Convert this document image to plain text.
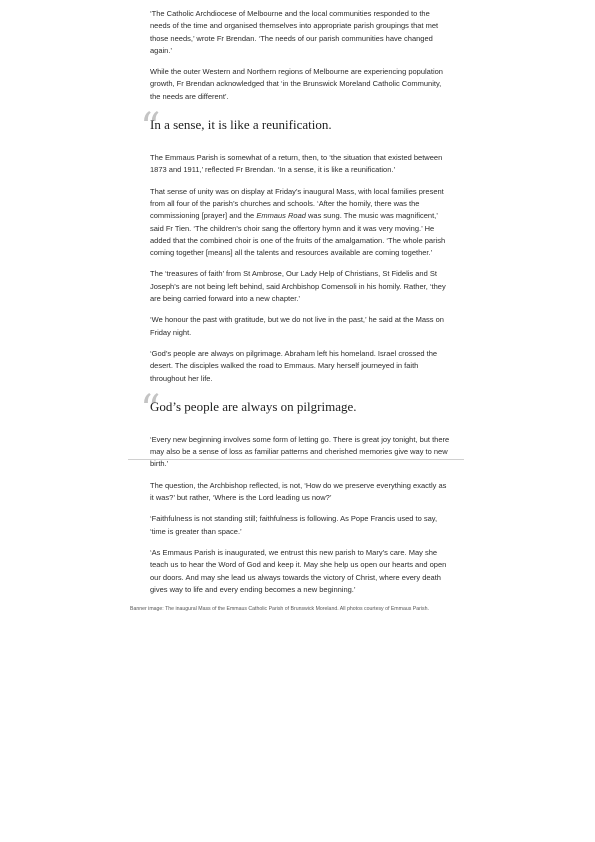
‘The Catholic Archdiocese of Melbourne and the local communities responded to the needs of the time and organised themselves into appropriate parish groupings that met those needs,’ wrote Fr Brendan. ‘The needs of our parish communities have changed again.’

While the outer Western and Northern regions of Melbourne are experiencing population growth, Fr Brendan acknowledged that ‘in the Brunswick Moreland Catholic Community, the needs are different’.

“
In a sense, it is like a reunification.

The Emmaus Parish is somewhat of a return, then, to ‘the situation that existed between 1873 and 1911,’ reflected Fr Brendan. ‘In a sense, it is like a reunification.’

That sense of unity was on display at Friday’s inaugural Mass, with local families present from all four of the parish’s churches and schools. ‘After the homily, there was the commissioning [prayer] and the Emmaus Road was sung. The music was magnificent,’ said Fr Tien. ‘The children’s choir sang the offertory hymn and it was very moving.’ He added that the combined choir is one of the fruits of the amalgamation. ‘The whole parish coming together [means] all the talents and resources available are coming together.’

The ‘treasures of faith’ from St Ambrose, Our Lady Help of Christians, St Fidelis and St Joseph’s are not being left behind, said Archbishop Comensoli in his homily. Rather, ‘they are being carried forward into a new chapter.’

‘We honour the past with gratitude, but we do not live in the past,’ he said at the Mass on Friday night.

‘God’s people are always on pilgrimage. Abraham left his homeland. Israel crossed the desert. The disciples walked the road to Emmaus. Mary herself journeyed in faith throughout her life.

“
God’s people are always on pilgrimage.

‘Every new beginning involves some form of letting go. There is great joy tonight, but there may also be a sense of loss as familiar patterns and cherished memories give way to new birth.’

The question, the Archbishop reflected, is not, ‘How do we preserve everything exactly as it was?’ but rather, ‘Where is the Lord leading us now?’

‘Faithfulness is not standing still; faithfulness is following. As Pope Francis used to say, ‘time is greater than space.’

‘As Emmaus Parish is inaugurated, we entrust this new parish to Mary’s care. May she teach us to hear the Word of God and keep it. May she help us open our hearts and open our doors. And may she lead us always towards the victory of Christ, where every death gives way to life and every ending becomes a new beginning.’

Banner image: The inaugural Mass of the Emmaus Catholic Parish of Brunswick Moreland. All photos courtesy of Emmaus Parish.
